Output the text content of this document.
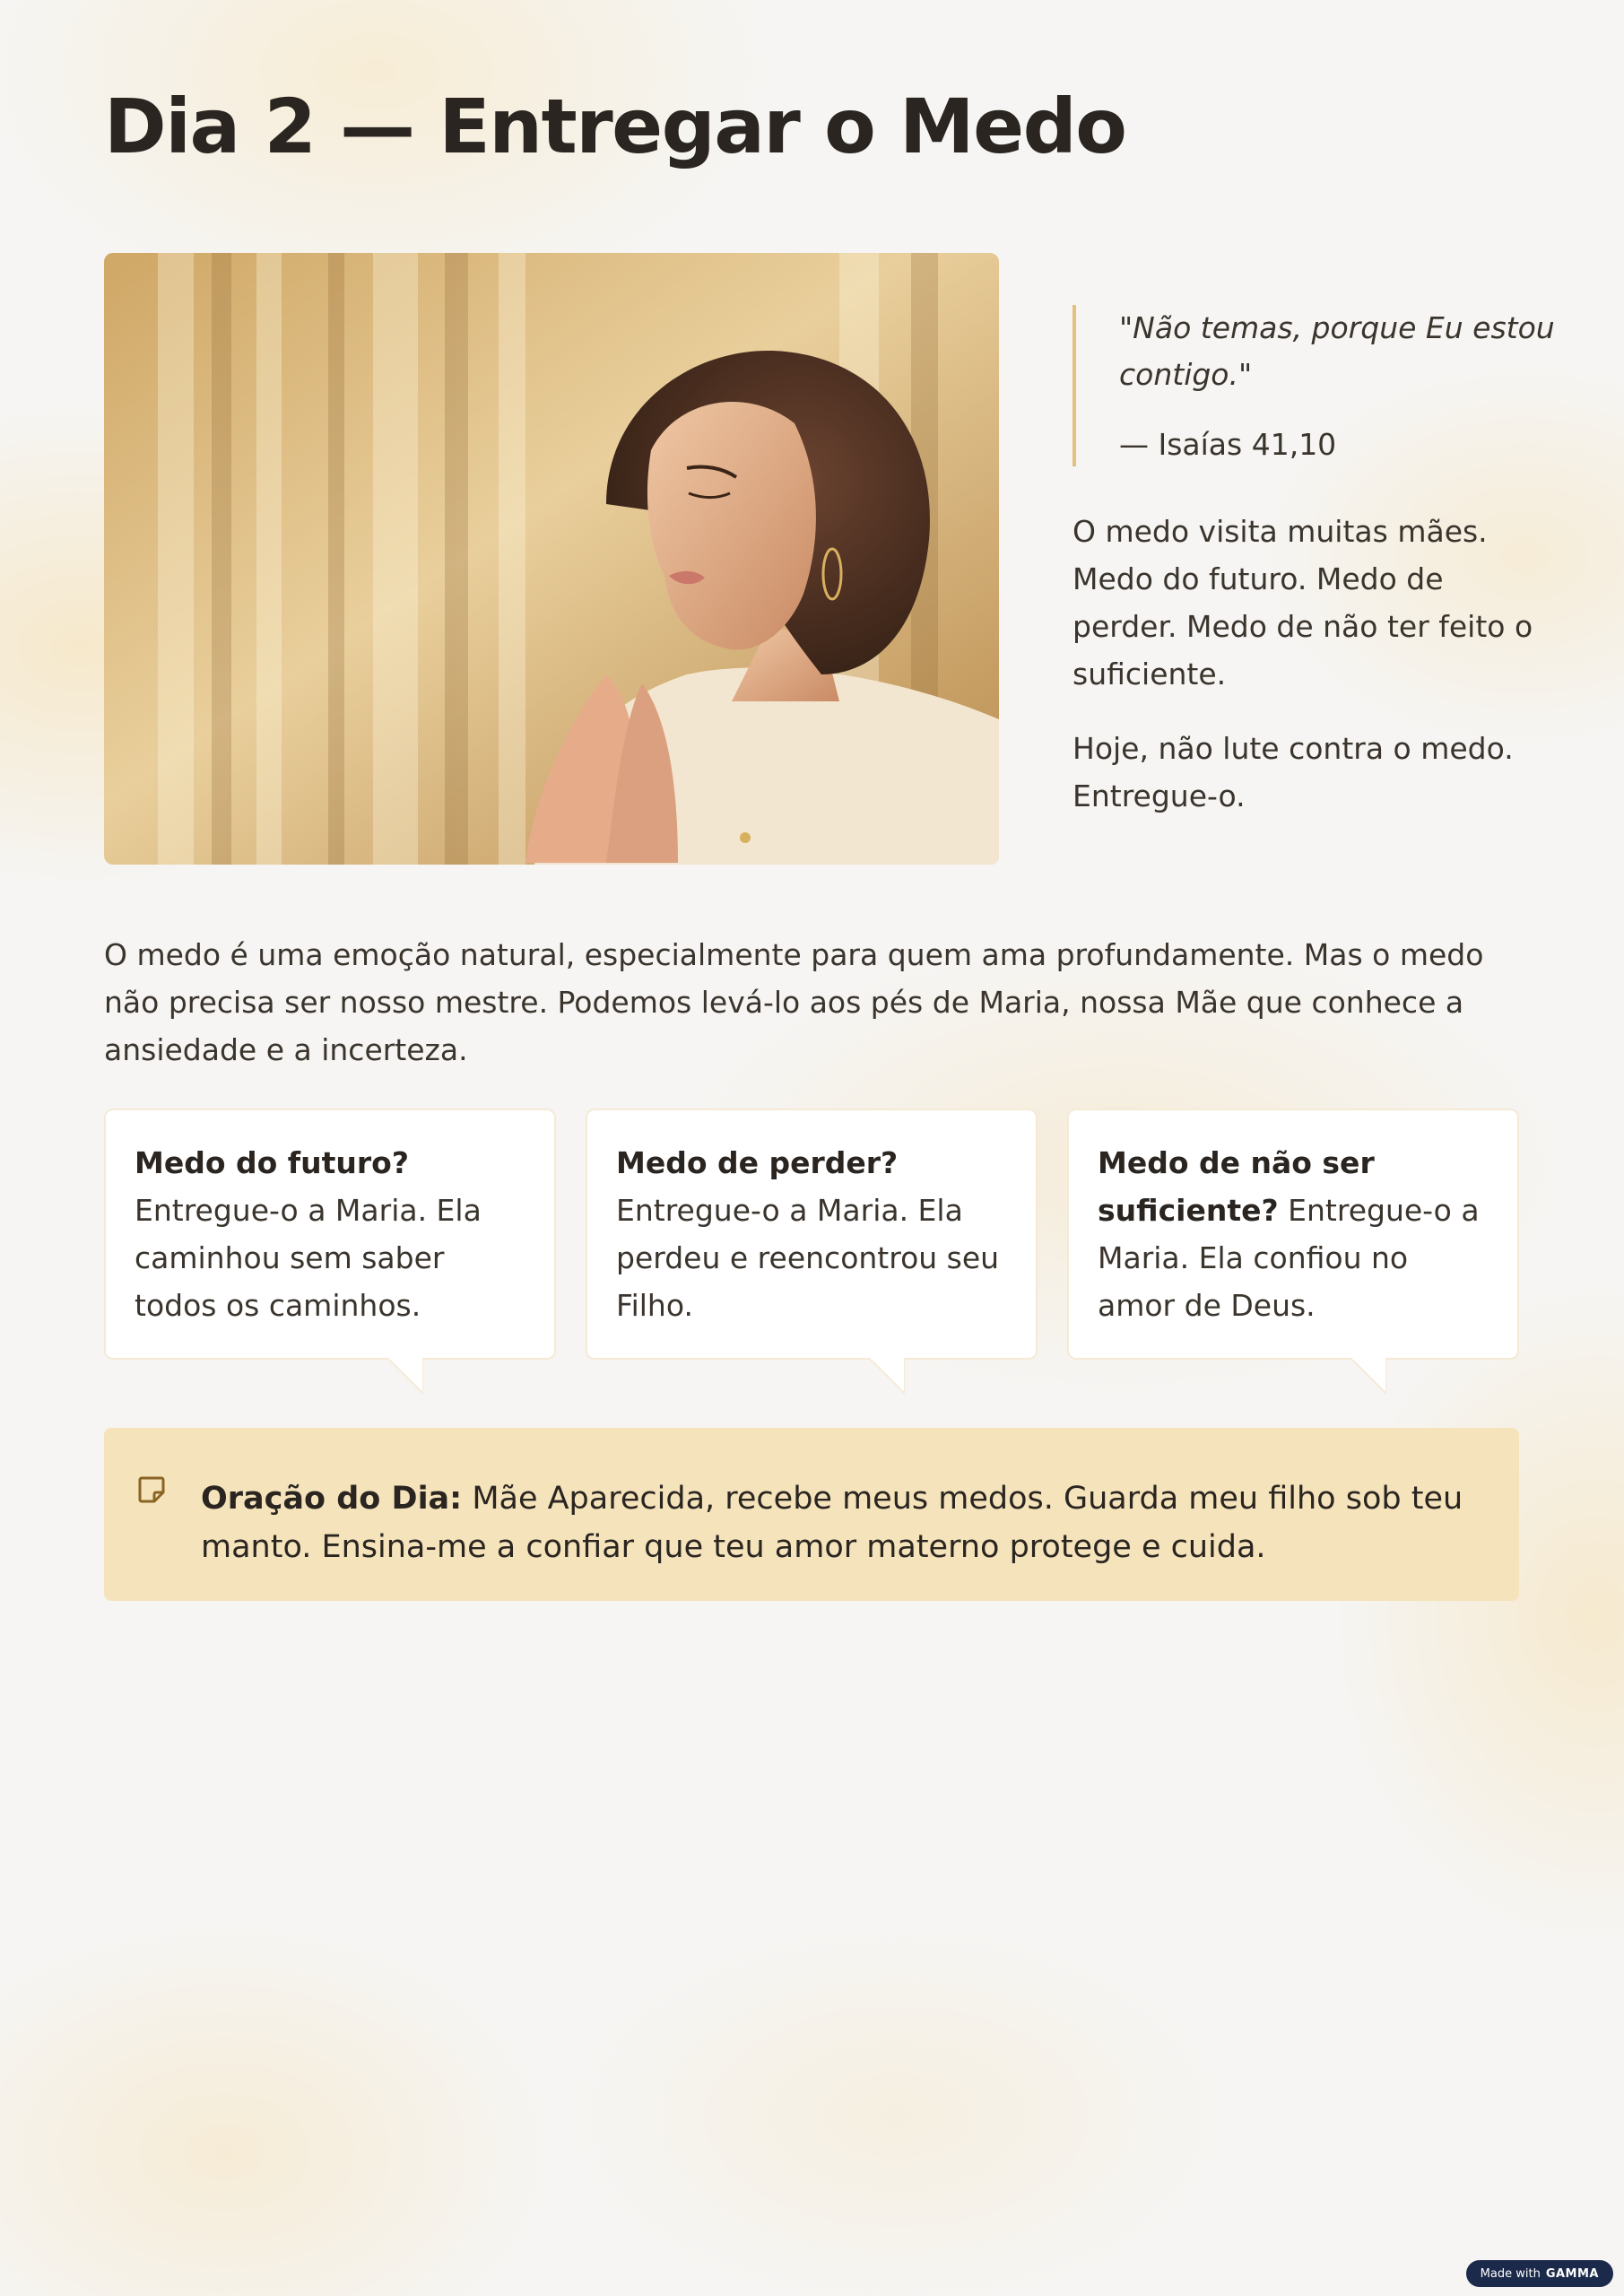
Dia 2 — Entregar o Medo

"Não temas, porque Eu estou contigo."

— Isaías 41,10

O medo visita muitas mães. Medo do futuro. Medo de perder. Medo de não ter feito o suficiente.

Hoje, não lute contra o medo. Entregue-o.

O medo é uma emoção natural, especialmente para quem ama profundamente. Mas o medo não precisa ser nosso mestre. Podemos levá-lo aos pés de Maria, nossa Mãe que conhece a ansiedade e a incerteza.

Medo do futuro? Entregue-o a Maria. Ela caminhou sem saber todos os caminhos.

Medo de perder? Entregue-o a Maria. Ela perdeu e reencontrou seu Filho.

Medo de não ser suficiente? Entregue-o a Maria. Ela confiou no amor de Deus.

Oração do Dia: Mãe Aparecida, recebe meus medos. Guarda meu filho sob teu manto. Ensina-me a confiar que teu amor materno protege e cuida.

Made with GAMMA
